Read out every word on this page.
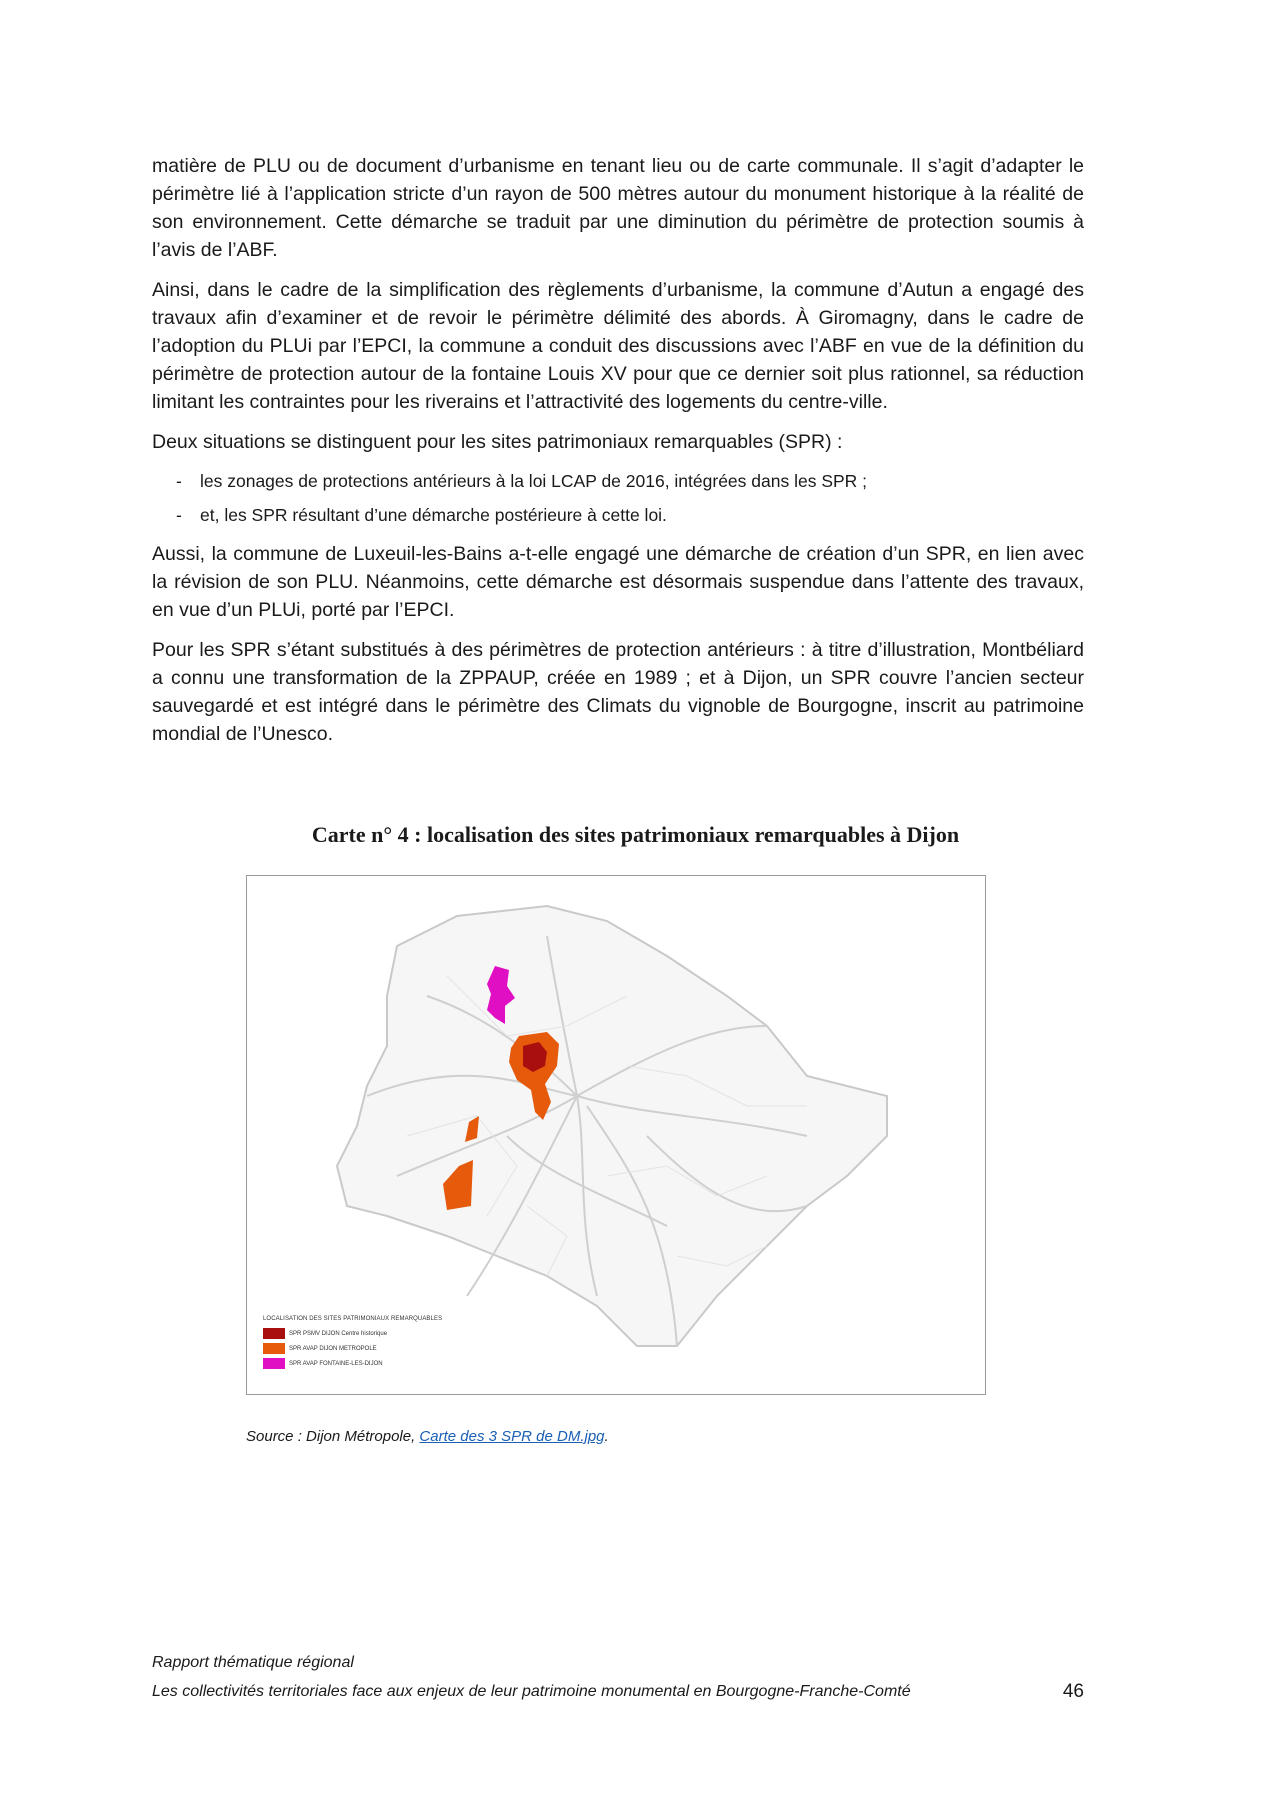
matière de PLU ou de document d’urbanisme en tenant lieu ou de carte communale. Il s’agit d’adapter le périmètre lié à l’application stricte d’un rayon de 500 mètres autour du monument historique à la réalité de son environnement. Cette démarche se traduit par une diminution du périmètre de protection soumis à l’avis de l’ABF.

Ainsi, dans le cadre de la simplification des règlements d’urbanisme, la commune d’Autun a engagé des travaux afin d’examiner et de revoir le périmètre délimité des abords. À Giromagny, dans le cadre de l’adoption du PLUi par l’EPCI, la commune a conduit des discussions avec l’ABF en vue de la définition du périmètre de protection autour de la fontaine Louis XV pour que ce dernier soit plus rationnel, sa réduction limitant les contraintes pour les riverains et l’attractivité des logements du centre-ville.

Deux situations se distinguent pour les sites patrimoniaux remarquables (SPR) :

- les zonages de protections antérieurs à la loi LCAP de 2016, intégrées dans les SPR ;
- et, les SPR résultant d’une démarche postérieure à cette loi.

Aussi, la commune de Luxeuil-les-Bains a-t-elle engagé une démarche de création d’un SPR, en lien avec la révision de son PLU. Néanmoins, cette démarche est désormais suspendue dans l’attente des travaux, en vue d’un PLUi, porté par l’EPCI.

Pour les SPR s’étant substitués à des périmètres de protection antérieurs : à titre d’illustration, Montbéliard a connu une transformation de la ZPPAUP, créée en 1989 ; et à Dijon, un SPR couvre l’ancien secteur sauvegardé et est intégré dans le périmètre des Climats du vignoble de Bourgogne, inscrit au patrimoine mondial de l’Unesco.

Carte n° 4 : localisation des sites patrimoniaux remarquables à Dijon
LOCALISATION DES SITES PATRIMONIAUX REMARQUABLES
SPR PSMV DIJON Centre historique
SPR AVAP DIJON METROPOLE
SPR AVAP FONTAINE-LES-DIJON
Source : Dijon Métropole, Carte des 3 SPR de DM.jpg.
Rapport thématique régional
Les collectivités territoriales face aux enjeux de leur patrimoine monumental en Bourgogne-Franche-Comté	46
